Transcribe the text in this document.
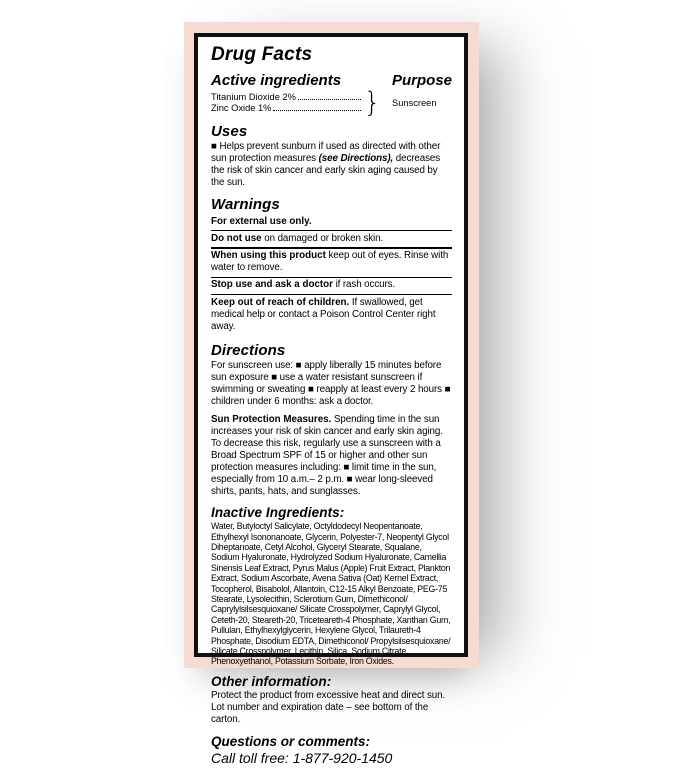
Drug Facts
Active ingredients	Purpose
Titanium Dioxide 2%
Zinc Oxide 1%	}	Sunscreen
Uses

■ Helps prevent sunburn if used as directed with other sun protection measures (see Directions), decreases the risk of skin cancer and early skin aging caused by the sun.

Warnings

For external use only.

Do not use on damaged or broken skin.

When using this product keep out of eyes. Rinse with water to remove.

Stop use and ask a doctor if rash occurs.

Keep out of reach of children. If swallowed, get medical help or contact a Poison Control Center right away.

Directions

For sunscreen use: ■ apply liberally 15 minutes before sun exposure ■ use a water resistant sunscreen if swimming or sweating ■ reapply at least every 2 hours ■ children under 6 months: ask a doctor.

Sun Protection Measures. Spending time in the sun increases your risk of skin cancer and early skin aging. To decrease this risk, regularly use a sunscreen with a Broad Spectrum SPF of 15 or higher and other sun protection measures including: ■ limit time in the sun, especially from 10 a.m.– 2 p.m. ■ wear long-sleeved shirts, pants, hats, and sunglasses.

Inactive Ingredients:

Water, Butyloctyl Salicylate, Octyldodecyl Neopentanoate, Ethylhexyl Isononanoate, Glycerin, Polyester-7, Neopentyl Glycol Diheptanoate, Cetyl Alcohol, Glyceryl Stearate, Squalane, Sodium Hyaluronate, Hydrolyzed Sodium Hyaluronate, Camellia Sinensis Leaf Extract, Pyrus Malus (Apple) Fruit Extract, Plankton Extract, Sodium Ascorbate, Avena Sativa (Oat) Kernel Extract, Tocopherol, Bisabolol, Allantoin, C12-15 Alkyl Benzoate, PEG-75 Stearate, Lysolecithin, Sclerotium Gum, Dimethiconol/ Caprylylsilsesquioxane/ Silicate Crosspolymer, Caprylyl Glycol, Ceteth-20, Steareth-20, Triceteareth-4 Phosphate, Xanthan Gum, Pullulan, Ethylhexylglycerin, Hexylene Glycol, Trilaureth-4 Phosphate, Disodium EDTA, Dimethiconol/ Propylsilsesquioxane/ Silicate Crosspolymer, Lecithin, Silica, Sodium Citrate, Phenoxyethanol, Potassium Sorbate, Iron Oxides.

Other information:

Protect the product from excessive heat and direct sun. Lot number and expiration date – see bottom of the carton.

Questions or comments:
Call toll free: 1-877-920-1450
